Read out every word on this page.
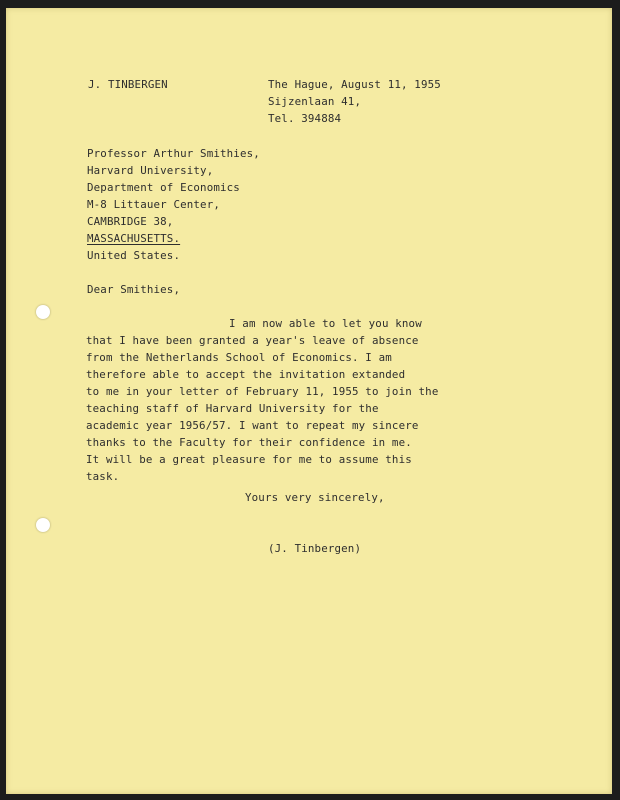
J. TINBERGEN	The Hague, August 11, 1955
Sijzenlaan 41,
Tel. 394884
Professor Arthur Smithies,
Harvard University,
Department of Economics
M-8 Littauer Center,
CAMBRIDGE 38,
MASSACHUSETTS.
United States.
Dear Smithies,
I am now able to let you know
that I have been granted a year's leave of absence
from the Netherlands School of Economics. I am
therefore able to accept the invitation extanded
to me in your letter of February 11, 1955 to join the
teaching staff of Harvard University for the
academic year 1956/57. I want to repeat my sincere
thanks to the Faculty for their confidence in me.
It will be a great pleasure for me to assume this
task.
Yours very sincerely,
(J. Tinbergen)
